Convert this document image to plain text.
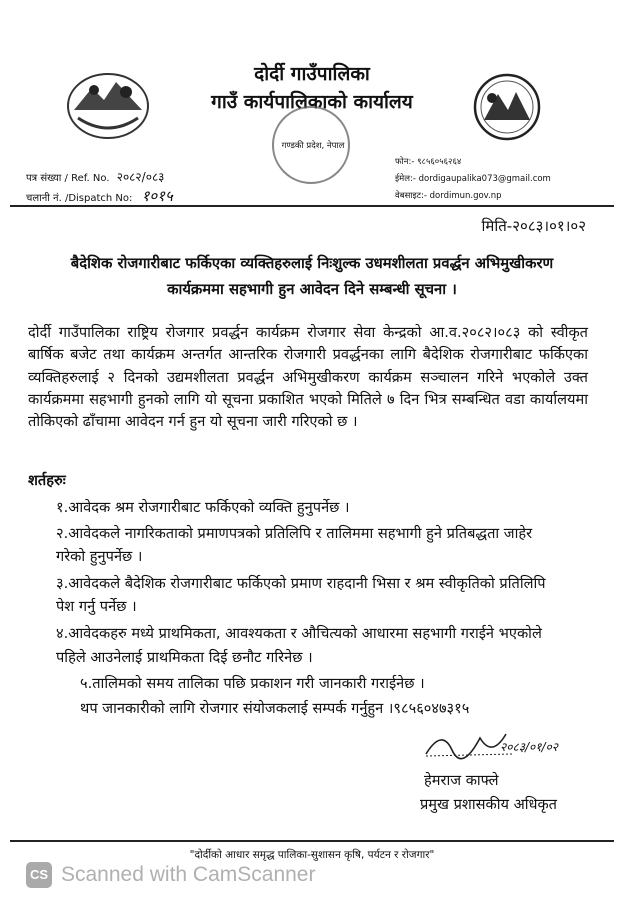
दोर्दी गाउँपालिका
गाउँ कार्यपालिकाको कार्यालय
गण्डकी प्रदेश, नेपाल
पत्र संख्या / Ref. No. २०८२/०८३
चलानी नं. /Dispatch No: १०१५
फोन:- ९८५६०५६२६४
ईमेल:- dordigaupalika073@gmail.com
वेबसाइट:- dordimun.gov.np
मिति-२०८३।०१।०२
बैदेशिक रोजगारीबाट फर्किएका व्यक्तिहरुलाई निःशुल्क उधमशीलता प्रवर्द्धन अभिमुखीकरण
कार्यक्रममा सहभागी हुन आवेदन दिने सम्बन्धी सूचना ।
दोर्दी गाउँपालिका राष्ट्रिय रोजगार प्रवर्द्धन कार्यक्रम रोजगार सेवा केन्द्रको आ.व.२०८२।०८३ को स्वीकृत बार्षिक बजेट तथा कार्यक्रम अन्तर्गत आन्तरिक रोजगारी प्रवर्द्धनका लागि बैदेशिक रोजगारीबाट फर्किएका व्यक्तिहरुलाई २ दिनको उद्यमशीलता प्रवर्द्धन अभिमुखीकरण कार्यक्रम सञ्चालन गरिने भएकोले उक्त कार्यक्रममा सहभागी हुनको लागि यो सूचना प्रकाशित भएको मितिले ७ दिन भित्र सम्बन्धित वडा कार्यालयमा तोकिएको ढाँचामा आवेदन गर्न हुन यो सूचना जारी गरिएको छ ।
शर्तहरुः
१.आवेदक श्रम रोजगारीबाट फर्किएको व्यक्ति हुनुपर्नेछ ।
२.आवेदकले नागरिकताको प्रमाणपत्रको प्रतिलिपि र तालिममा सहभागी हुने प्रतिबद्धता जाहेर
गरेको हुनुपर्नेछ ।
३.आवेदकले बैदेशिक रोजगारीबाट फर्किएको प्रमाण राहदानी भिसा र श्रम स्वीकृतिको प्रतिलिपि
पेश गर्नु पर्नेछ ।
४.आवेदकहरु मध्ये प्राथमिकता, आवश्यकता र औचित्यको आधारमा सहभागी गराईने भएकोले
पहिले आउनेलाई प्राथमिकता दिई छनौट गरिनेछ ।
५.तालिमको समय तालिका पछि प्रकाशन गरी जानकारी गराईनेछ ।
थप जानकारीको लागि रोजगार संयोजकलाई सम्पर्क गर्नुहुन ।९८५६०४७३१५
२०८३/०१/०२
हेमराज काफ्ले
प्रमुख प्रशासकीय अधिकृत
"दोर्दीको आधार समृद्ध पालिका-सुशासन कृषि, पर्यटन र रोजगार"
CS Scanned with CamScanner
